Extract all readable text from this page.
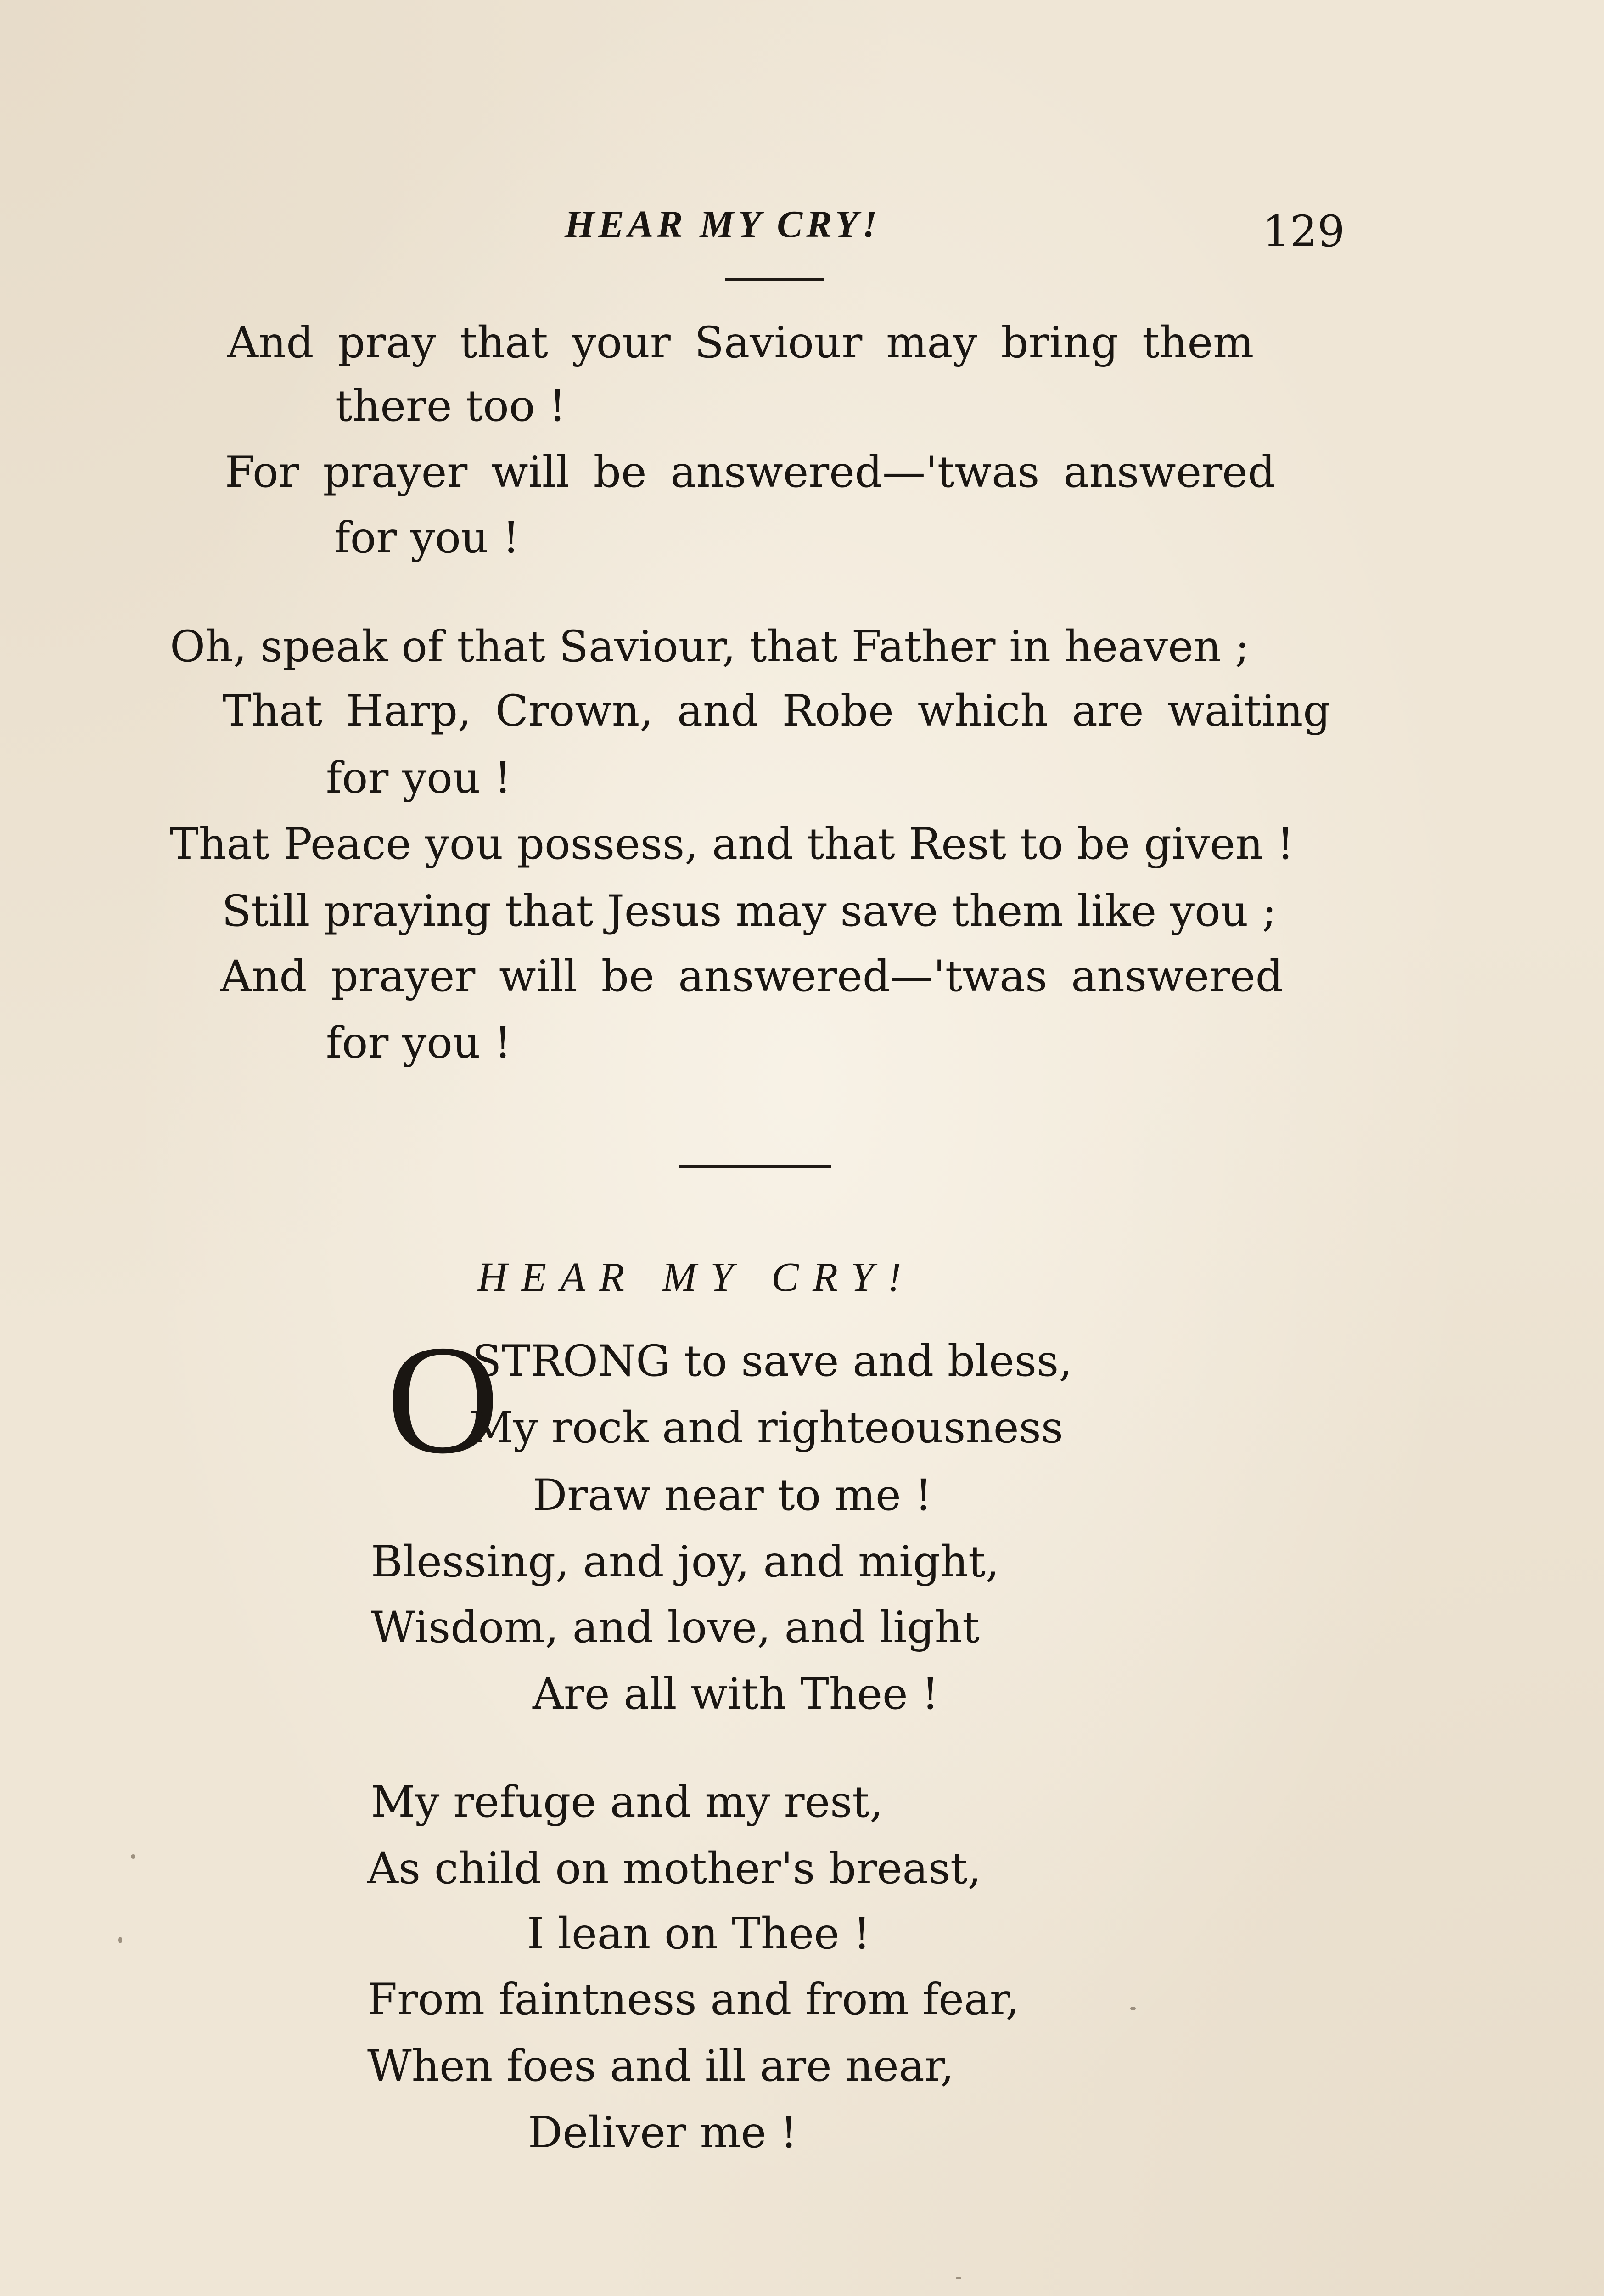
HEAR MY CRY!	129
And pray that your Saviour may bring them
there too !
For prayer will be answered—'twas answered
for you !
Oh, speak of that Saviour, that Father in heaven ;
That Harp, Crown, and Robe which are waiting
for you !
That Peace you possess, and that Rest to be given !
Still praying that Jesus may save them like you ;
And prayer will be answered—'twas answered
for you !
HEAR MY CRY!
O
STRONG to save and bless,
My rock and righteousness
Draw near to me !
Blessing, and joy, and might,
Wisdom, and love, and light
Are all with Thee !
My refuge and my rest,
As child on mother's breast,
I lean on Thee !
From faintness and from fear,
When foes and ill are near,
Deliver me !
